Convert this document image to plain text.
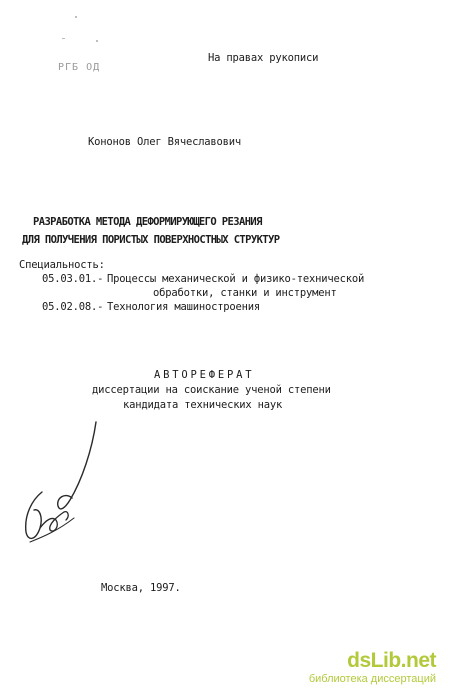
РГБ ОД
На правах рукописи
Кононов Олег Вячеславович
РАЗРАБОТКА МЕТОДА ДЕФОРМИРУЮЩЕГО РЕЗАНИЯ
ДЛЯ ПОЛУЧЕНИЯ ПОРИСТЫХ ПОВЕРХНОСТНЫХ СТРУКТУР
Специальность:
05.03.01.- Процессы механической и физико-технической
обработки, станки и инструмент
05.02.08.- Технология машиностроения
АВТОРЕФЕРАТ
диссертации на соискание ученой степени
кандидата технических наук
Москва, 1997.
dsLib.net
библиотека диссертаций
